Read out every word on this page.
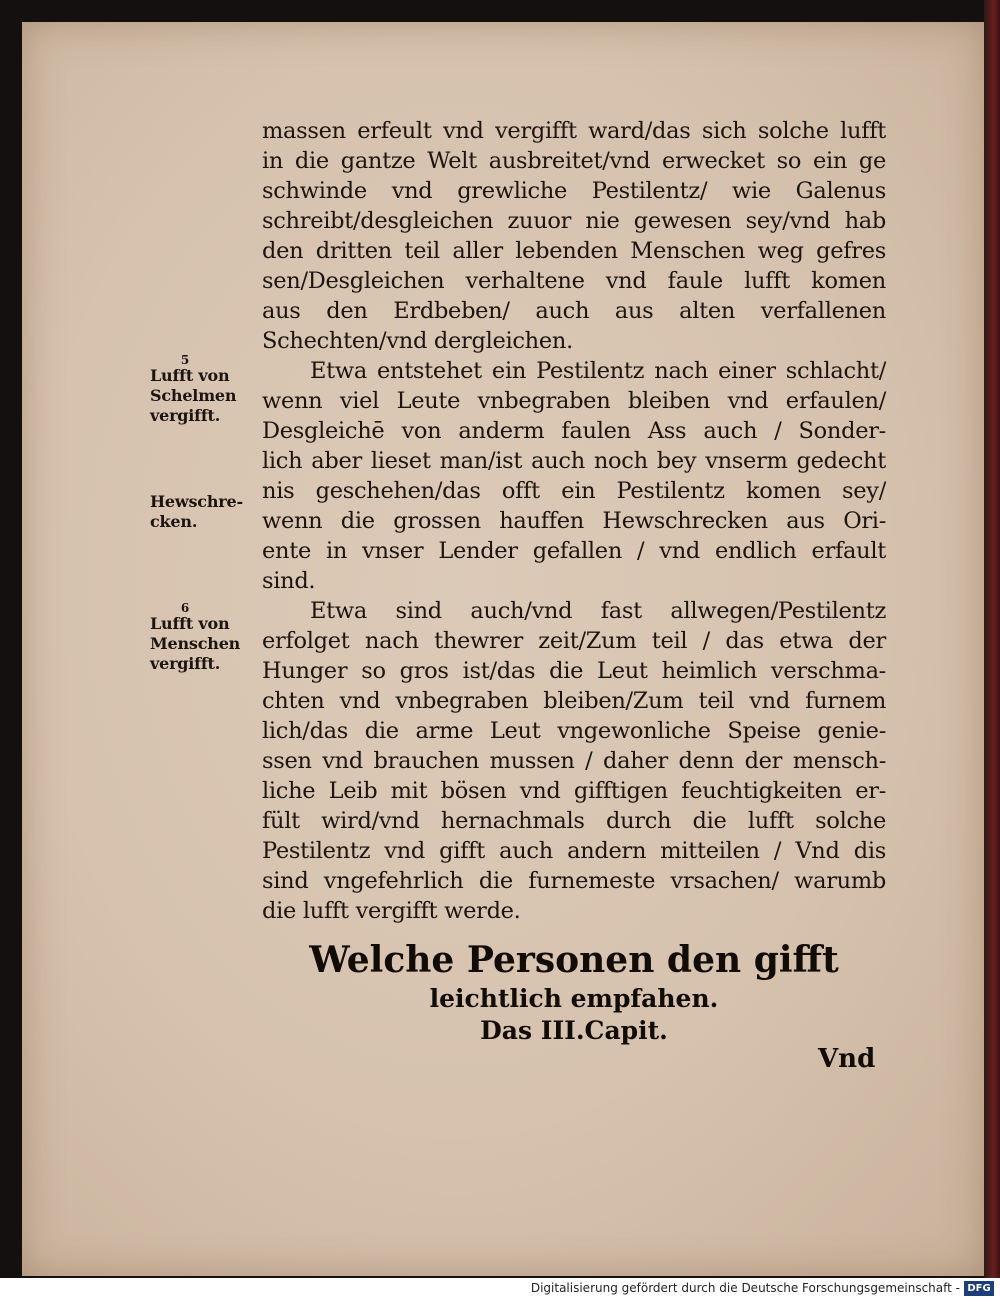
massen erfeult vnd vergifft ward/das sich solche lufft
in die gantze Welt ausbreitet/vnd erwecket so ein ge
schwinde vnd grewliche Pestilentz/ wie Galenus
schreibt/desgleichen zuuor nie gewesen sey/vnd hab
den dritten teil aller lebenden Menschen weg gefres
sen/Desgleichen verhaltene vnd faule lufft komen
aus den Erdbeben/ auch aus alten verfallenen
Schechten/vnd dergleichen.
Etwa entstehet ein Pestilentz nach einer schlacht/
wenn viel Leute vnbegraben bleiben vnd erfaulen/
Desgleichē von anderm faulen Ass auch / Sonder-
lich aber lieset man/ist auch noch bey vnserm gedecht
nis geschehen/das offt ein Pestilentz komen sey/
wenn die grossen hauffen Hewschrecken aus Ori-
ente in vnser Lender gefallen / vnd endlich erfault
sind.
Etwa sind auch/vnd fast allwegen/Pestilentz
erfolget nach thewrer zeit/Zum teil / das etwa der
Hunger so gros ist/das die Leut heimlich verschma-
chten vnd vnbegraben bleiben/Zum teil vnd furnem
lich/das die arme Leut vngewonliche Speise genie-
ssen vnd brauchen mussen / daher denn der mensch-
liche Leib mit bösen vnd gifftigen feuchtigkeiten er-
fült wird/vnd hernachmals durch die lufft solche
Pestilentz vnd gifft auch andern mitteilen / Vnd dis
sind vngefehrlich die furnemeste vrsachen/ warumb
die lufft vergifft werde.
5
Lufft von
Schelmen
vergifft.
Hewschre-
cken.
6
Lufft von
Menschen
vergifft.
Welche Personen den gifft
leichtlich empfahen.
Das III.Capit.
Vnd
Digitalisierung gefördert durch die Deutsche Forschungsgemeinschaft - DFG
